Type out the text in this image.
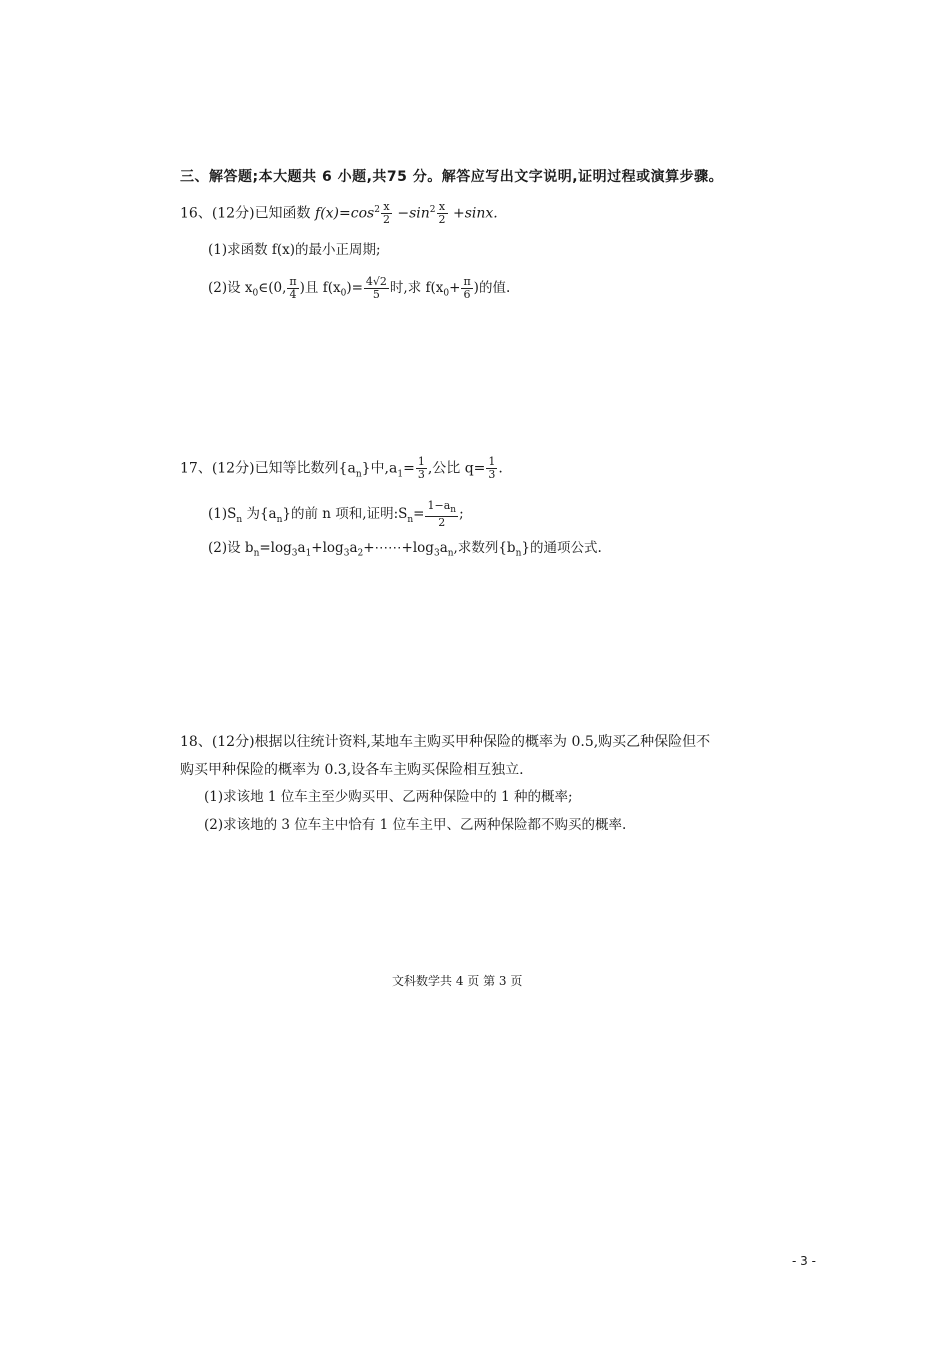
三、解答题;本大题共 6 小题,共75 分。解答应写出文字说明,证明过程或演算步骤。
16、(12分)已知函数 $f(x)=\cos^2 \frac{x}{2} -\sin^2 \frac{x}{2} +\sin x$.
(1)求函数 f(x)的最小正周期;
(2)设 $x_0\in(0$, $\frac{\pi}{4}$ )且 $f(x_0)= \frac{4√2}{5}$ 时,求 $f(x_0+ \frac{\pi}{6}$ )的值.
17、(12分)已知等比数列$\{a_n\}$中$,a_1= \frac{1}{3}$ ,公比 $q= \frac{1}{3}$ .
$(1)S_n$ 为$\{a_n\}$的前 n 项和,证明$:S_n= \frac{1-a_n}{2}$ ;
(2)设 $b_n=\log_3a_1+\log_3a_2+\cdots\cdots+\log_3a_n$,求数列$\{b_n\}$的通项公式.
18、(12分)根据以往统计资料,某地车主购买甲种保险的概率为 0.5,购买乙种保险但不
购买甲种保险的概率为 0.3,设各车主购买保险相互独立.
(1)求该地 1 位车主至少购买甲、乙两种保险中的 1 种的概率;
(2)求该地的 3 位车主中恰有 1 位车主甲、乙两种保险都不购买的概率.
文科数学共 4 页 第 3 页
- 3 -
